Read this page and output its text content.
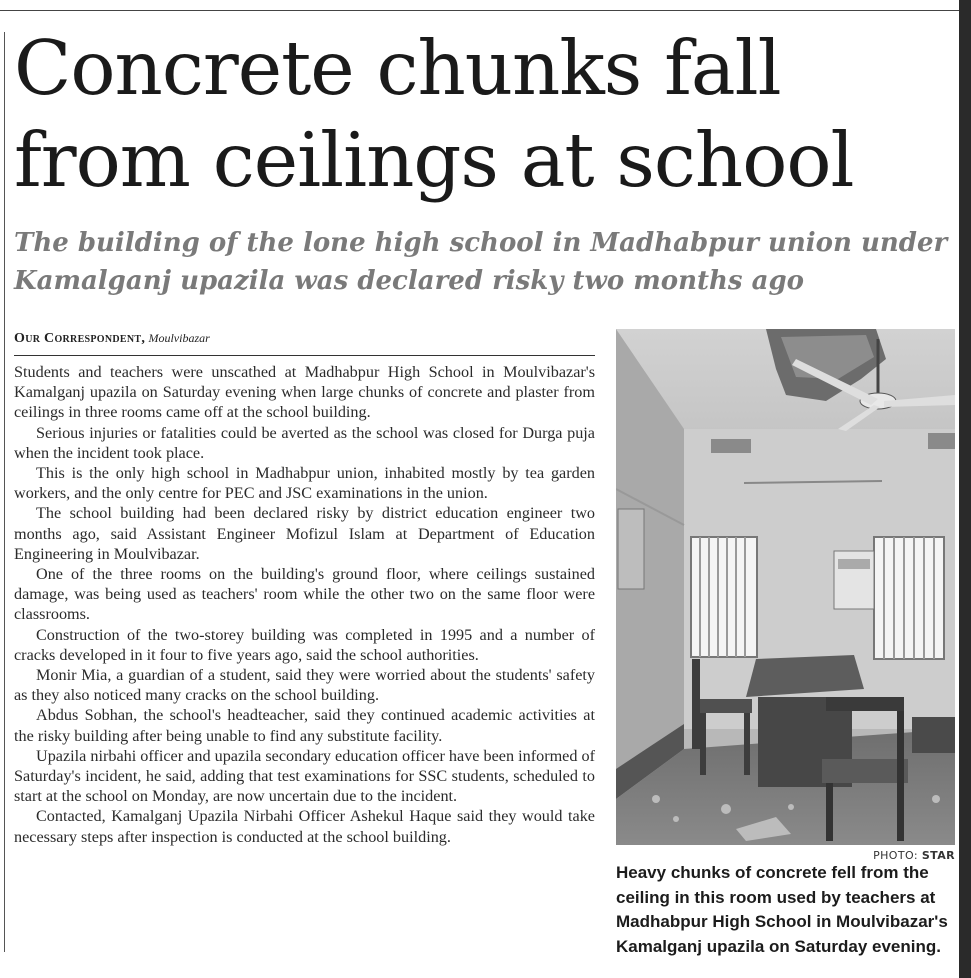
Concrete chunks fall from ceilings at school
The building of the lone high school in Madhabpur union under Kamalganj upazila was declared risky two months ago
Our Correspondent, Moulvibazar

Students and teachers were unscathed at Madhabpur High School in Moulvibazar's Kamalganj upazila on Saturday evening when large chunks of concrete and plaster from ceilings in three rooms came off at the school building.

Serious injuries or fatalities could be averted as the school was closed for Durga puja when the incident took place.

This is the only high school in Madhabpur union, inhabited mostly by tea garden workers, and the only centre for PEC and JSC examinations in the union.

The school building had been declared risky by district education engineer two months ago, said Assistant Engineer Mofizul Islam at Department of Education Engineering in Moulvibazar.

One of the three rooms on the building's ground floor, where ceilings sustained damage, was being used as teachers' room while the other two on the same floor were classrooms.

Construction of the two-storey building was completed in 1995 and a number of cracks developed in it four to five years ago, said the school authorities.

Monir Mia, a guardian of a student, said they were worried about the students' safety as they also noticed many cracks on the school building.

Abdus Sobhan, the school's headteacher, said they continued academic activities at the risky building after being unable to find any substitute facility.

Upazila nirbahi officer and upazila secondary education officer have been informed of Saturday's incident, he said, adding that test examinations for SSC students, scheduled to start at the school on Monday, are now uncertain due to the incident.

Contacted, Kamalganj Upazila Nirbahi Officer Ashekul Haque said they would take necessary steps after inspection is conducted at the school building.

PHOTO: STAR

Heavy chunks of concrete fell from the ceiling in this room used by teachers at Madhabpur High School in Moulvibazar's Kamalganj upazila on Saturday evening.
